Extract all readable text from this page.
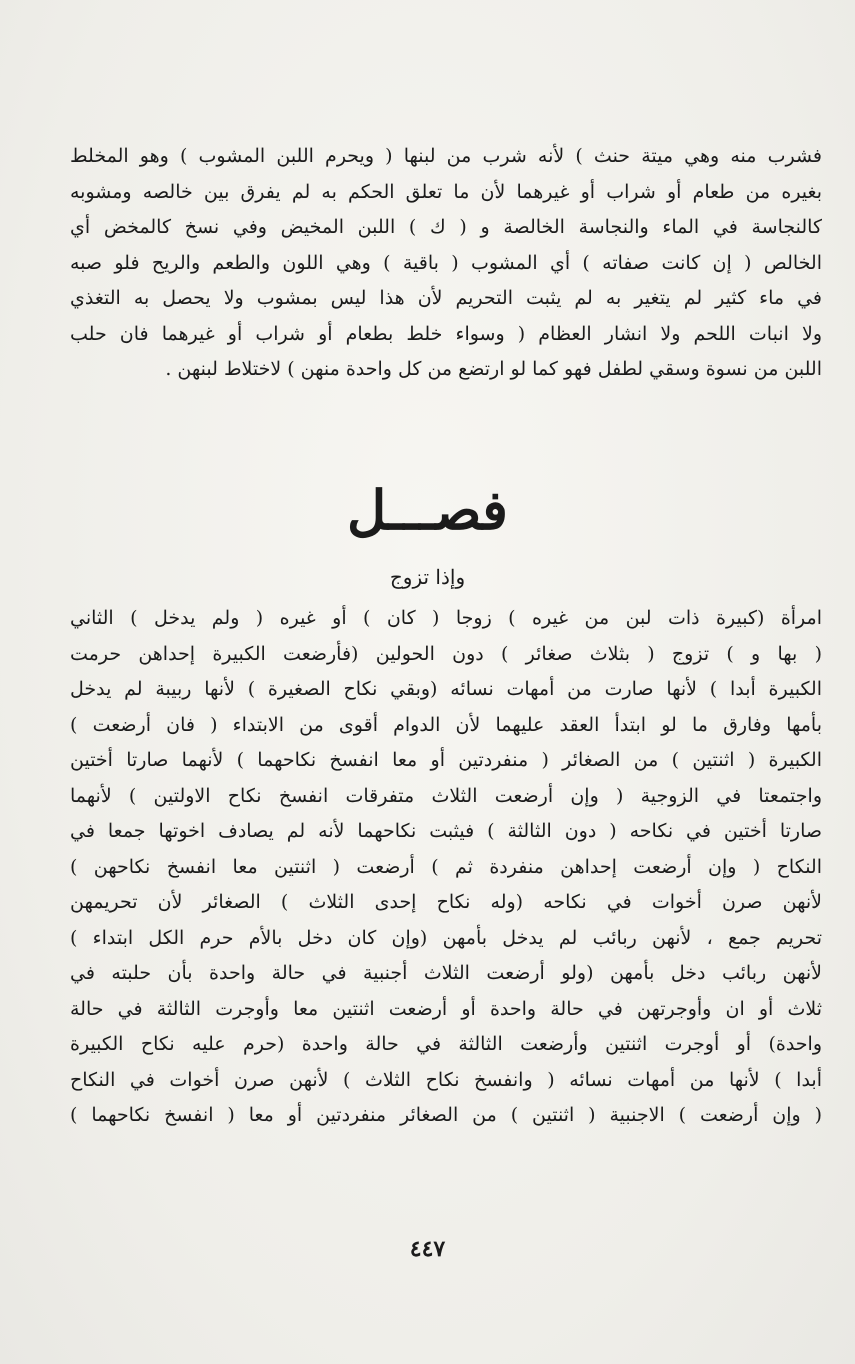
فشرب منه وهي ميتة حنث ) لأنه شرب من لبنها ( ويحرم اللبن المشوب ) وهو المخلط
بغيره من طعام أو شراب أو غيرهما لأن ما تعلق الحكم به لم يفرق بين خالصه ومشوبه
كالنجاسة في الماء والنجاسة الخالصة و ( ك ) اللبن المخيض وفي نسخ كالمخض أي
الخالص ( إن كانت صفاته ) أي المشوب ( باقية ) وهي اللون والطعم والريح فلو صبه
في ماء كثير لم يتغير به لم يثبت التحريم لأن هذا ليس بمشوب ولا يحصل به التغذي
ولا انبات اللحم ولا انشار العظام ( وسواء خلط بطعام أو شراب أو غيرهما فان حلب
اللبن من نسوة وسقي لطفل فهو كما لو ارتضع من كل واحدة منهن ) لاختلاط لبنهن .
فصـــل
وإذا تزوج
امرأة (كبيرة ذات لبن من غيره ) زوجا ( كان ) أو غيره ( ولم يدخل ) الثاني
( بها و ) تزوج ( بثلاث صغائر ) دون الحولين (فأرضعت الكبيرة إحداهن حرمت
الكبيرة أبدا ) لأنها صارت من أمهات نسائه (وبقي نكاح الصغيرة ) لأنها ربيبة لم يدخل
بأمها وفارق ما لو ابتدأ العقد عليهما لأن الدوام أقوى من الابتداء ( فان أرضعت )
الكبيرة ( اثنتين ) من الصغائر ( منفردتين أو معا انفسخ نكاحهما ) لأنهما صارتا أختين
واجتمعتا في الزوجية ( وإن أرضعت الثلاث متفرقات انفسخ نكاح الاولتين ) لأنهما
صارتا أختين في نكاحه ( دون الثالثة ) فيثبت نكاحهما لأنه لم يصادف اخوتها جمعا في
النكاح ( وإن أرضعت إحداهن منفردة ثم ) أرضعت ( اثنتين معا انفسخ نكاحهن )
لأنهن صرن أخوات في نكاحه (وله نكاح إحدى الثلاث ) الصغائر لأن تحريمهن
تحريم جمع ، لأنهن ربائب لم يدخل بأمهن (وإن كان دخل بالأم حرم الكل ابتداء )
لأنهن ربائب دخل بأمهن (ولو أرضعت الثلاث أجنبية في حالة واحدة بأن حلبته في
ثلاث أو ان وأوجرتهن في حالة واحدة أو أرضعت اثنتين معا وأوجرت الثالثة في حالة
واحدة) أو أوجرت اثنتين وأرضعت الثالثة في حالة واحدة (حرم عليه نكاح الكبيرة
أبدا ) لأنها من أمهات نسائه ( وانفسخ نكاح الثلاث ) لأنهن صرن أخوات في النكاح
( وإن أرضعت ) الاجنبية ( اثنتين ) من الصغائر منفردتين أو معا ( انفسخ نكاحهما )
٤٤٧
